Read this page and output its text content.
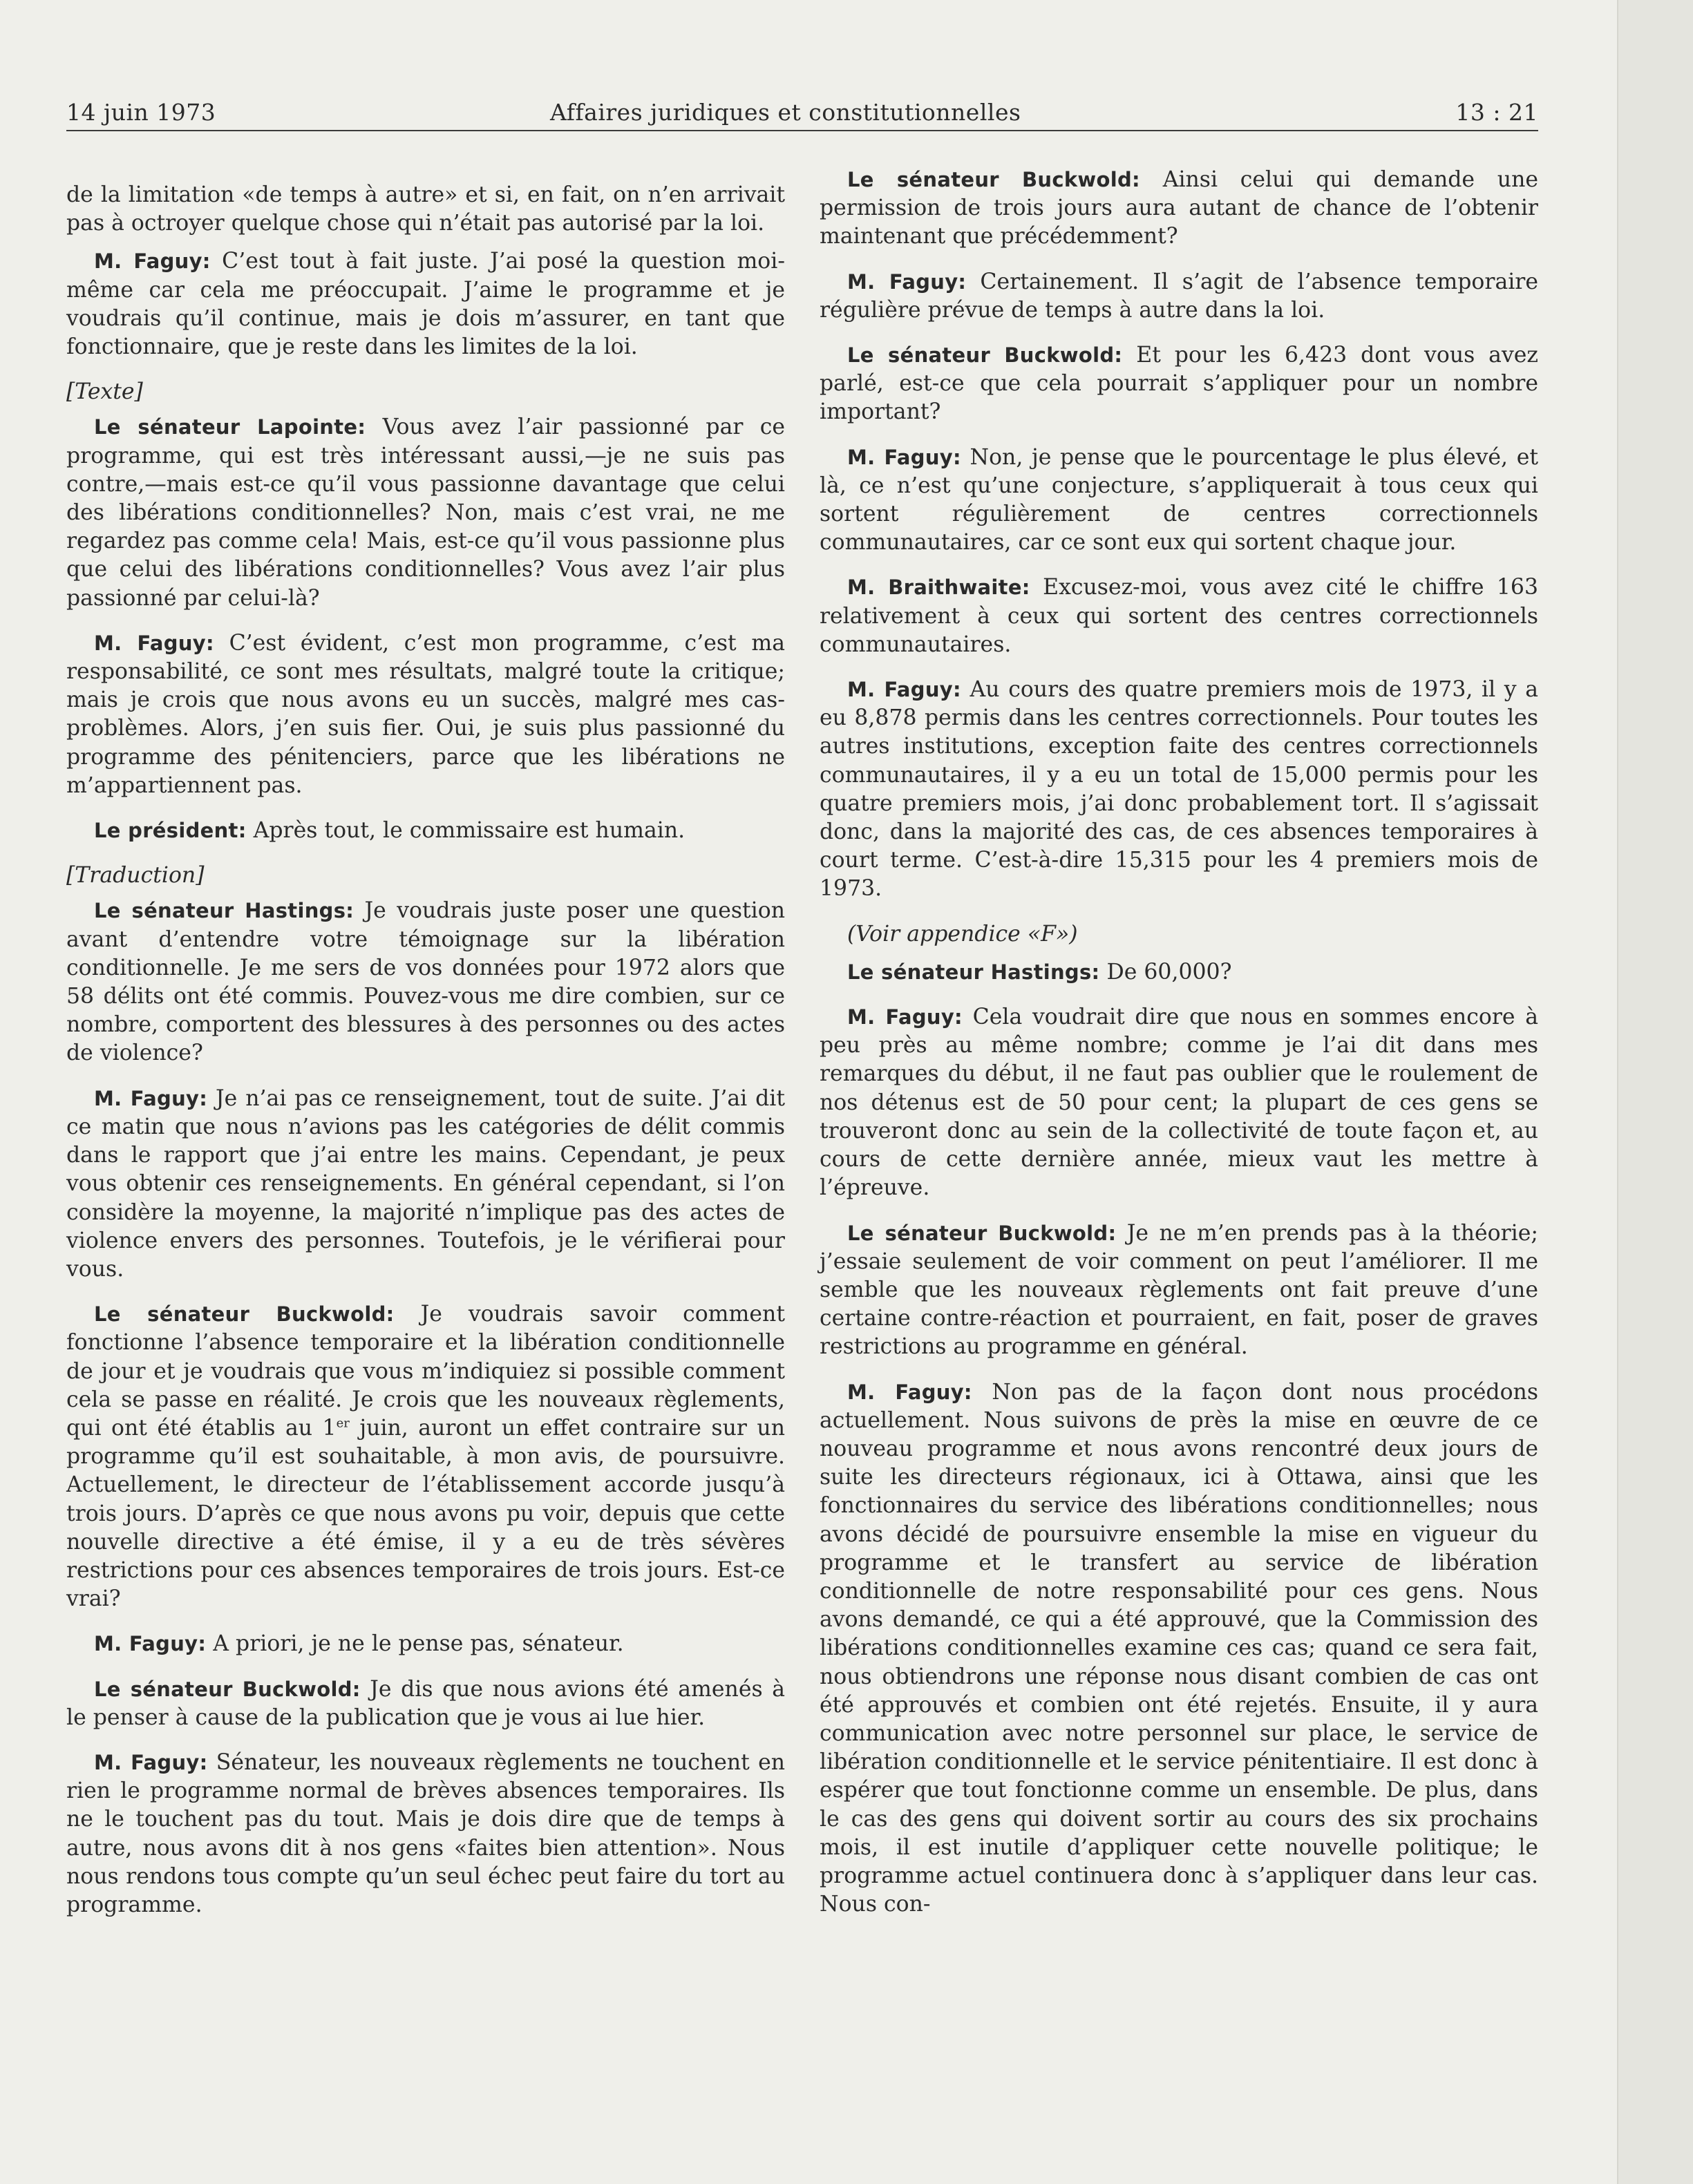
14 juin 1973	Affaires juridiques et constitutionnelles	13 : 21

de la limitation «de temps à autre» et si, en fait, on n’en arrivait pas à octroyer quelque chose qui n’était pas autorisé par la loi.

M. Faguy: C’est tout à fait juste. J’ai posé la question moi-même car cela me préoccupait. J’aime le programme et je voudrais qu’il continue, mais je dois m’assurer, en tant que fonctionnaire, que je reste dans les limites de la loi.

[Texte]

Le sénateur Lapointe: Vous avez l’air passionné par ce programme, qui est très intéressant aussi,—je ne suis pas contre,—mais est-ce qu’il vous passionne davantage que celui des libérations conditionnelles? Non, mais c’est vrai, ne me regardez pas comme cela! Mais, est-ce qu’il vous passionne plus que celui des libérations conditionnelles? Vous avez l’air plus passionné par celui-là?

M. Faguy: C’est évident, c’est mon programme, c’est ma responsabilité, ce sont mes résultats, malgré toute la critique; mais je crois que nous avons eu un succès, malgré mes cas-problèmes. Alors, j’en suis fier. Oui, je suis plus passionné du programme des pénitenciers, parce que les libérations ne m’appartiennent pas.

Le président: Après tout, le commissaire est humain.

[Traduction]

Le sénateur Hastings: Je voudrais juste poser une question avant d’entendre votre témoignage sur la libération conditionnelle. Je me sers de vos données pour 1972 alors que 58 délits ont été commis. Pouvez-vous me dire combien, sur ce nombre, comportent des blessures à des personnes ou des actes de violence?

M. Faguy: Je n’ai pas ce renseignement, tout de suite. J’ai dit ce matin que nous n’avions pas les catégories de délit commis dans le rapport que j’ai entre les mains. Cependant, je peux vous obtenir ces renseignements. En général cependant, si l’on considère la moyenne, la majorité n’implique pas des actes de violence envers des personnes. Toutefois, je le vérifierai pour vous.

Le sénateur Buckwold: Je voudrais savoir comment fonctionne l’absence temporaire et la libération conditionnelle de jour et je voudrais que vous m’indiquiez si possible comment cela se passe en réalité. Je crois que les nouveaux règlements, qui ont été établis au 1er juin, auront un effet contraire sur un programme qu’il est souhaitable, à mon avis, de poursuivre. Actuellement, le directeur de l’établissement accorde jusqu’à trois jours. D’après ce que nous avons pu voir, depuis que cette nouvelle directive a été émise, il y a eu de très sévères restrictions pour ces absences temporaires de trois jours. Est-ce vrai?

M. Faguy: A priori, je ne le pense pas, sénateur.

Le sénateur Buckwold: Je dis que nous avions été amenés à le penser à cause de la publication que je vous ai lue hier.

M. Faguy: Sénateur, les nouveaux règlements ne touchent en rien le programme normal de brèves absences temporaires. Ils ne le touchent pas du tout. Mais je dois dire que de temps à autre, nous avons dit à nos gens «faites bien attention». Nous nous rendons tous compte qu’un seul échec peut faire du tort au programme.

Le sénateur Buckwold: Ainsi celui qui demande une permission de trois jours aura autant de chance de l’obtenir maintenant que précédemment?

M. Faguy: Certainement. Il s’agit de l’absence temporaire régulière prévue de temps à autre dans la loi.

Le sénateur Buckwold: Et pour les 6,423 dont vous avez parlé, est-ce que cela pourrait s’appliquer pour un nombre important?

M. Faguy: Non, je pense que le pourcentage le plus élevé, et là, ce n’est qu’une conjecture, s’appliquerait à tous ceux qui sortent régulièrement de centres correctionnels communautaires, car ce sont eux qui sortent chaque jour.

M. Braithwaite: Excusez-moi, vous avez cité le chiffre 163 relativement à ceux qui sortent des centres correctionnels communautaires.

M. Faguy: Au cours des quatre premiers mois de 1973, il y a eu 8,878 permis dans les centres correctionnels. Pour toutes les autres institutions, exception faite des centres correctionnels communautaires, il y a eu un total de 15,000 permis pour les quatre premiers mois, j’ai donc probablement tort. Il s’agissait donc, dans la majorité des cas, de ces absences temporaires à court terme. C’est-à-dire 15,315 pour les 4 premiers mois de 1973.

(Voir appendice «F»)

Le sénateur Hastings: De 60,000?

M. Faguy: Cela voudrait dire que nous en sommes encore à peu près au même nombre; comme je l’ai dit dans mes remarques du début, il ne faut pas oublier que le roulement de nos détenus est de 50 pour cent; la plupart de ces gens se trouveront donc au sein de la collectivité de toute façon et, au cours de cette dernière année, mieux vaut les mettre à l’épreuve.

Le sénateur Buckwold: Je ne m’en prends pas à la théorie; j’essaie seulement de voir comment on peut l’améliorer. Il me semble que les nouveaux règlements ont fait preuve d’une certaine contre-réaction et pourraient, en fait, poser de graves restrictions au programme en général.

M. Faguy: Non pas de la façon dont nous procédons actuellement. Nous suivons de près la mise en œuvre de ce nouveau programme et nous avons rencontré deux jours de suite les directeurs régionaux, ici à Ottawa, ainsi que les fonctionnaires du service des libérations conditionnelles; nous avons décidé de poursuivre ensemble la mise en vigueur du programme et le transfert au service de libération conditionnelle de notre responsabilité pour ces gens. Nous avons demandé, ce qui a été approuvé, que la Commission des libérations conditionnelles examine ces cas; quand ce sera fait, nous obtiendrons une réponse nous disant combien de cas ont été approuvés et combien ont été rejetés. Ensuite, il y aura communication avec notre personnel sur place, le service de libération conditionnelle et le service pénitentiaire. Il est donc à espérer que tout fonctionne comme un ensemble. De plus, dans le cas des gens qui doivent sortir au cours des six prochains mois, il est inutile d’appliquer cette nouvelle politique; le programme actuel continuera donc à s’appliquer dans leur cas. Nous con-
